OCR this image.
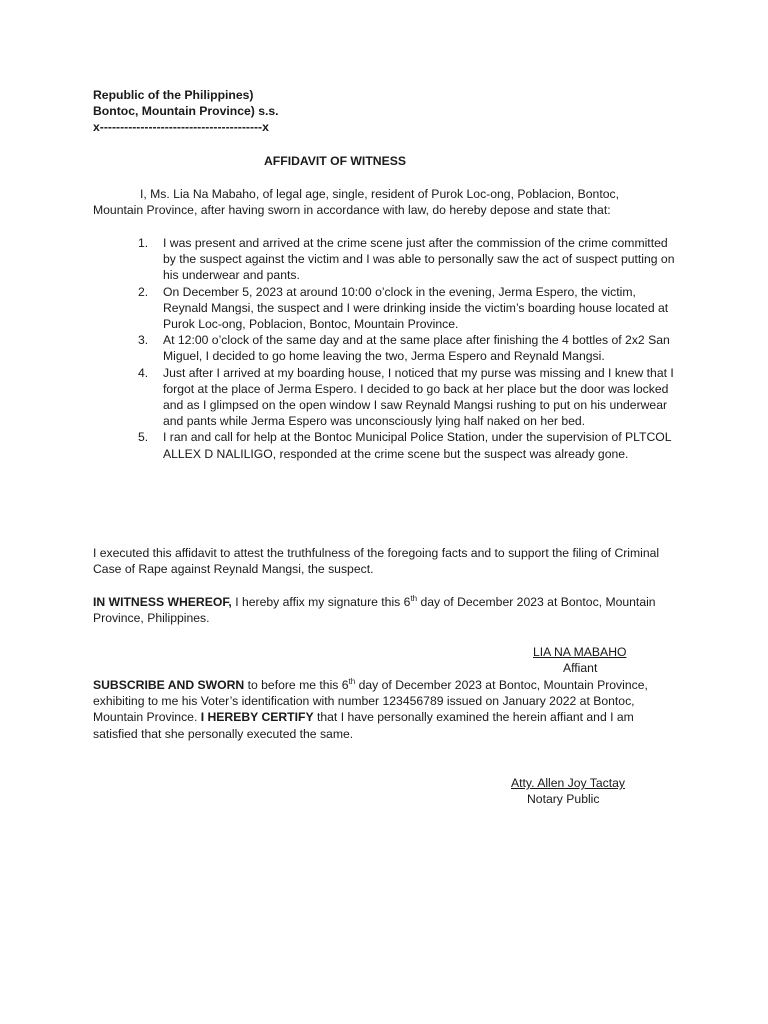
Republic of the Philippines)
Bontoc, Mountain Province) s.s.
x----------------------------------------x
AFFIDAVIT OF WITNESS
I, Ms. Lia Na Mabaho, of legal age, single, resident of Purok Loc-ong, Poblacion, Bontoc, Mountain Province, after having sworn in accordance with law, do hereby depose and state that:
1. I was present and arrived at the crime scene just after the commission of the crime committed by the suspect against the victim and I was able to personally saw the act of suspect putting on his underwear and pants.
2. On December 5, 2023 at around 10:00 o’clock in the evening, Jerma Espero, the victim, Reynald Mangsi, the suspect and I were drinking inside the victim’s boarding house located at Purok Loc-ong, Poblacion, Bontoc, Mountain Province.
3. At 12:00 o’clock of the same day and at the same place after finishing the 4 bottles of 2x2 San Miguel, I decided to go home leaving the two, Jerma Espero and Reynald Mangsi.
4. Just after I arrived at my boarding house, I noticed that my purse was missing and I knew that I forgot at the place of Jerma Espero. I decided to go back at her place but the door was locked and as I glimpsed on the open window I saw Reynald Mangsi rushing to put on his underwear and pants while Jerma Espero was unconsciously lying half naked on her bed.
5. I ran and call for help at the Bontoc Municipal Police Station, under the supervision of PLTCOL ALLEX D NALILIGO, responded at the crime scene but the suspect was already gone.
I executed this affidavit to attest the truthfulness of the foregoing facts and to support the filing of Criminal Case of Rape against Reynald Mangsi, the suspect.
IN WITNESS WHEREOF, I hereby affix my signature this 6th day of December 2023 at Bontoc, Mountain Province, Philippines.
LIA NA MABAHO
Affiant
SUBSCRIBE AND SWORN to before me this 6th day of December 2023 at Bontoc, Mountain Province, exhibiting to me his Voter’s identification with number 123456789 issued on January 2022 at Bontoc, Mountain Province. I HEREBY CERTIFY that I have personally examined the herein affiant and I am satisfied that she personally executed the same.
Atty. Allen Joy Tactay
Notary Public
